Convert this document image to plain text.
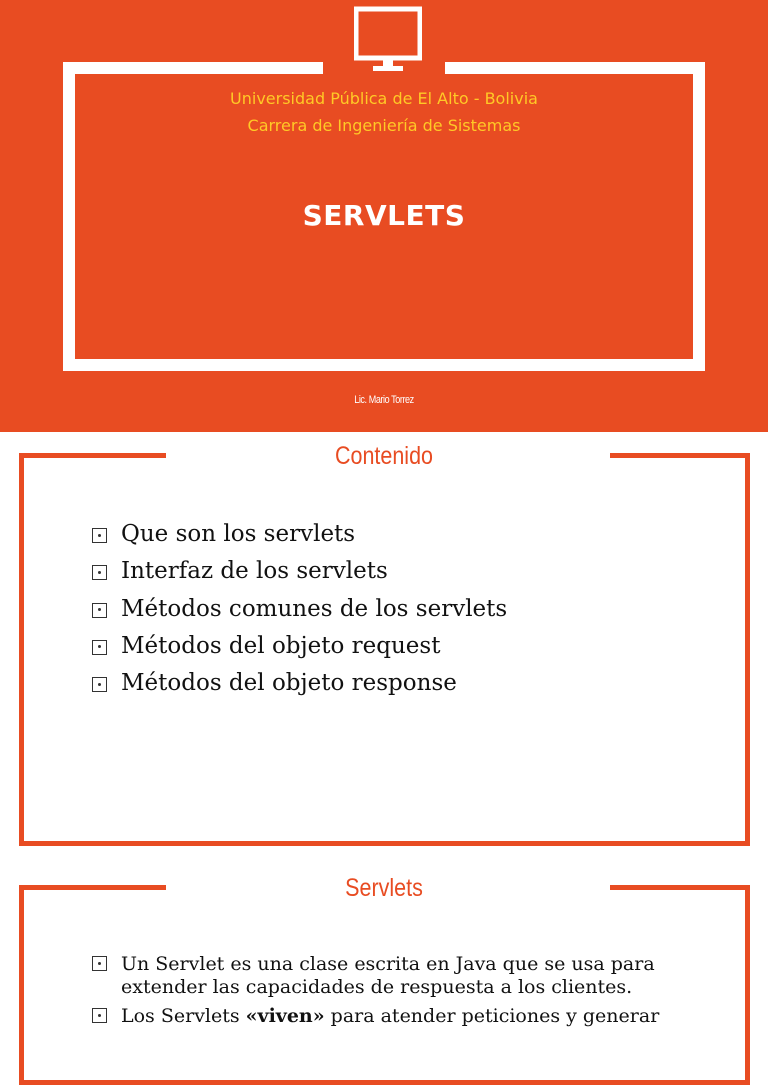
Universidad Pública de El Alto - Bolivia
Carrera de Ingeniería de Sistemas
SERVLETS
Lic. Mario Torrez
Contenido
Que son los servlets
Interfaz de los servlets
Métodos comunes de los servlets
Métodos del objeto request
Métodos del objeto response
Servlets
Un Servlet es una clase escrita en Java que se usa para extender las capacidades de respuesta a los clientes.
Los Servlets «viven» para atender peticiones y generar
